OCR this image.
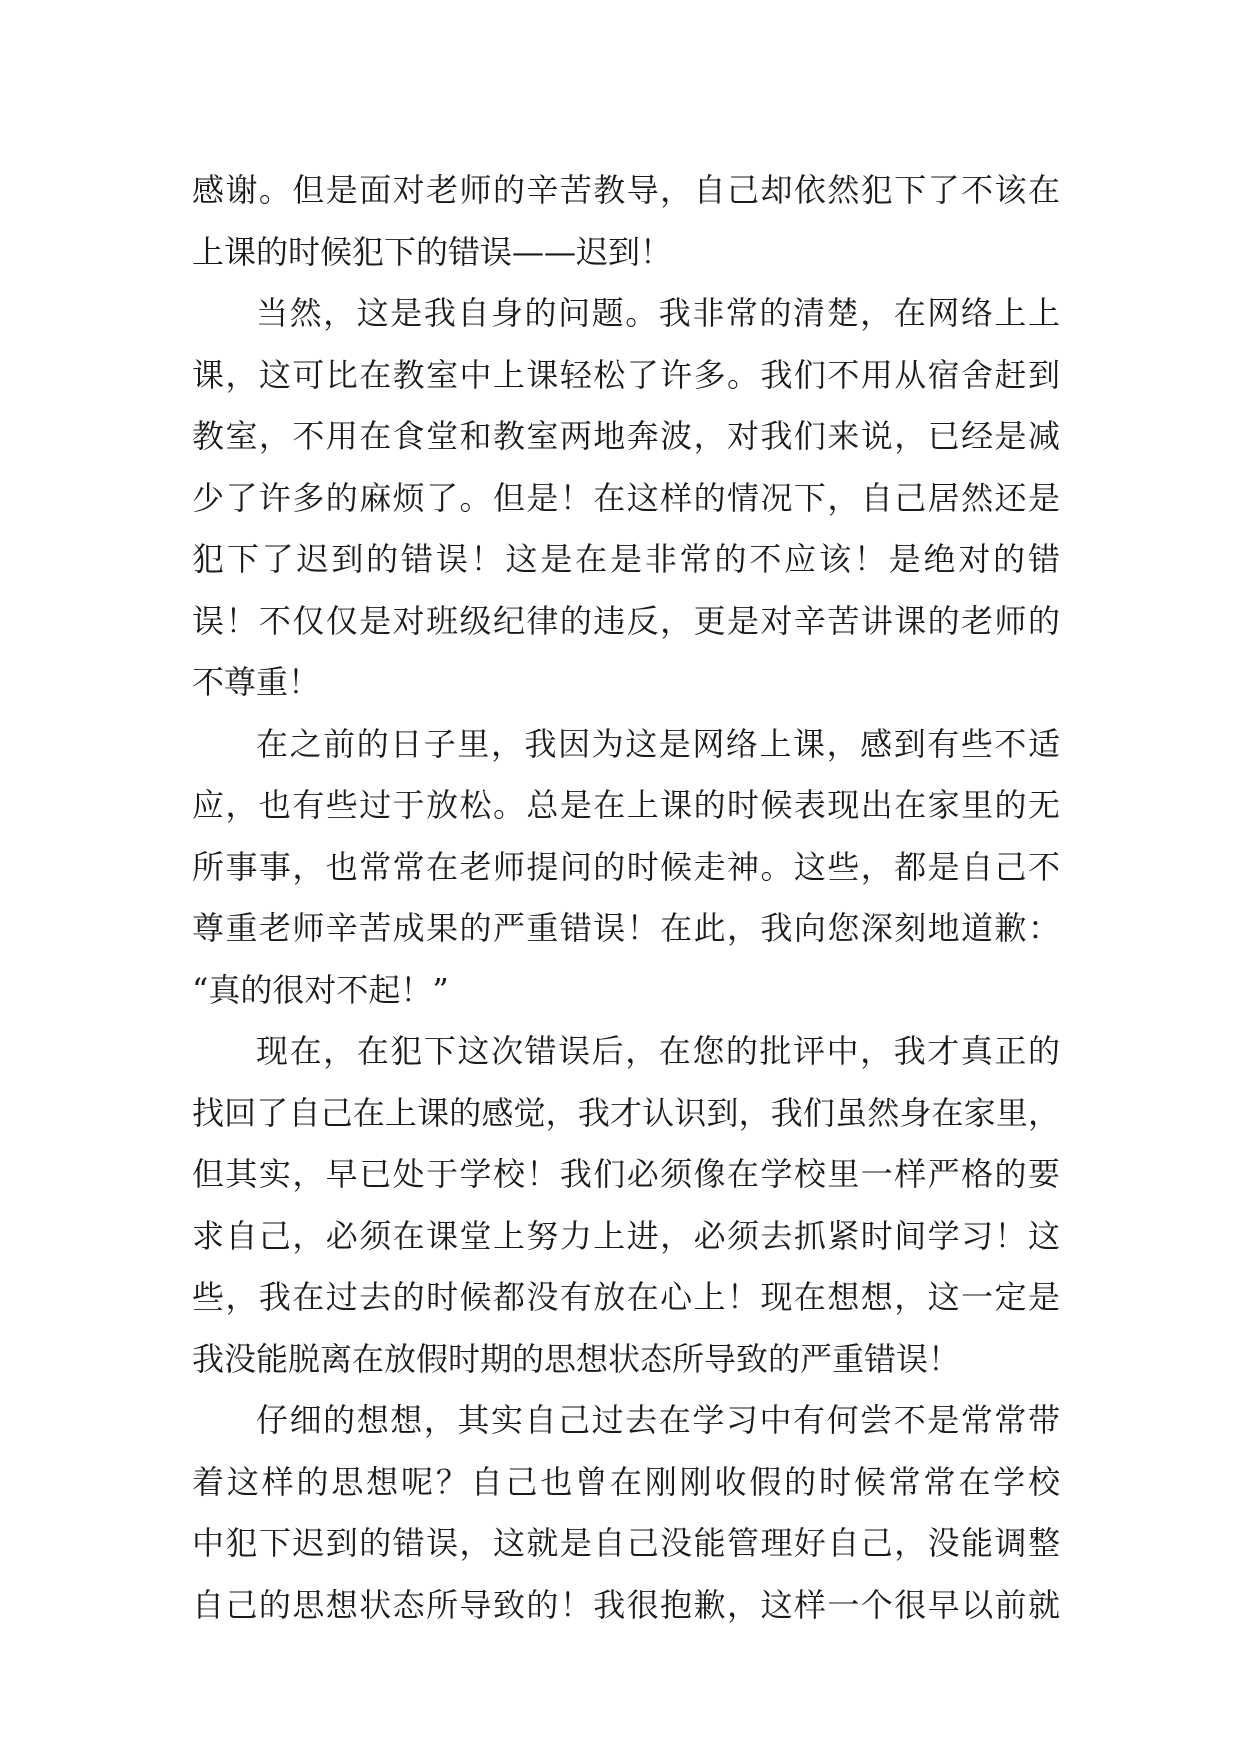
感谢。但是面对老师的辛苦教导，自己却依然犯下了不该在
上课的时候犯下的错误——迟到！
当然，这是我自身的问题。我非常的清楚，在网络上上
课，这可比在教室中上课轻松了许多。我们不用从宿舍赶到
教室，不用在食堂和教室两地奔波，对我们来说，已经是减
少了许多的麻烦了。但是！在这样的情况下，自己居然还是
犯下了迟到的错误！这是在是非常的不应该！是绝对的错
误！不仅仅是对班级纪律的违反，更是对辛苦讲课的老师的
不尊重！
在之前的日子里，我因为这是网络上课，感到有些不适
应，也有些过于放松。总是在上课的时候表现出在家里的无
所事事，也常常在老师提问的时候走神。这些，都是自己不
尊重老师辛苦成果的严重错误！在此，我向您深刻地道歉：
“真的很对不起！”
现在，在犯下这次错误后，在您的批评中，我才真正的
找回了自己在上课的感觉，我才认识到，我们虽然身在家里，
但其实，早已处于学校！我们必须像在学校里一样严格的要
求自己，必须在课堂上努力上进，必须去抓紧时间学习！这
些，我在过去的时候都没有放在心上！现在想想，这一定是
我没能脱离在放假时期的思想状态所导致的严重错误！
仔细的想想，其实自己过去在学习中有何尝不是常常带
着这样的思想呢？自己也曾在刚刚收假的时候常常在学校
中犯下迟到的错误，这就是自己没能管理好自己，没能调整
自己的思想状态所导致的！我很抱歉，这样一个很早以前就
